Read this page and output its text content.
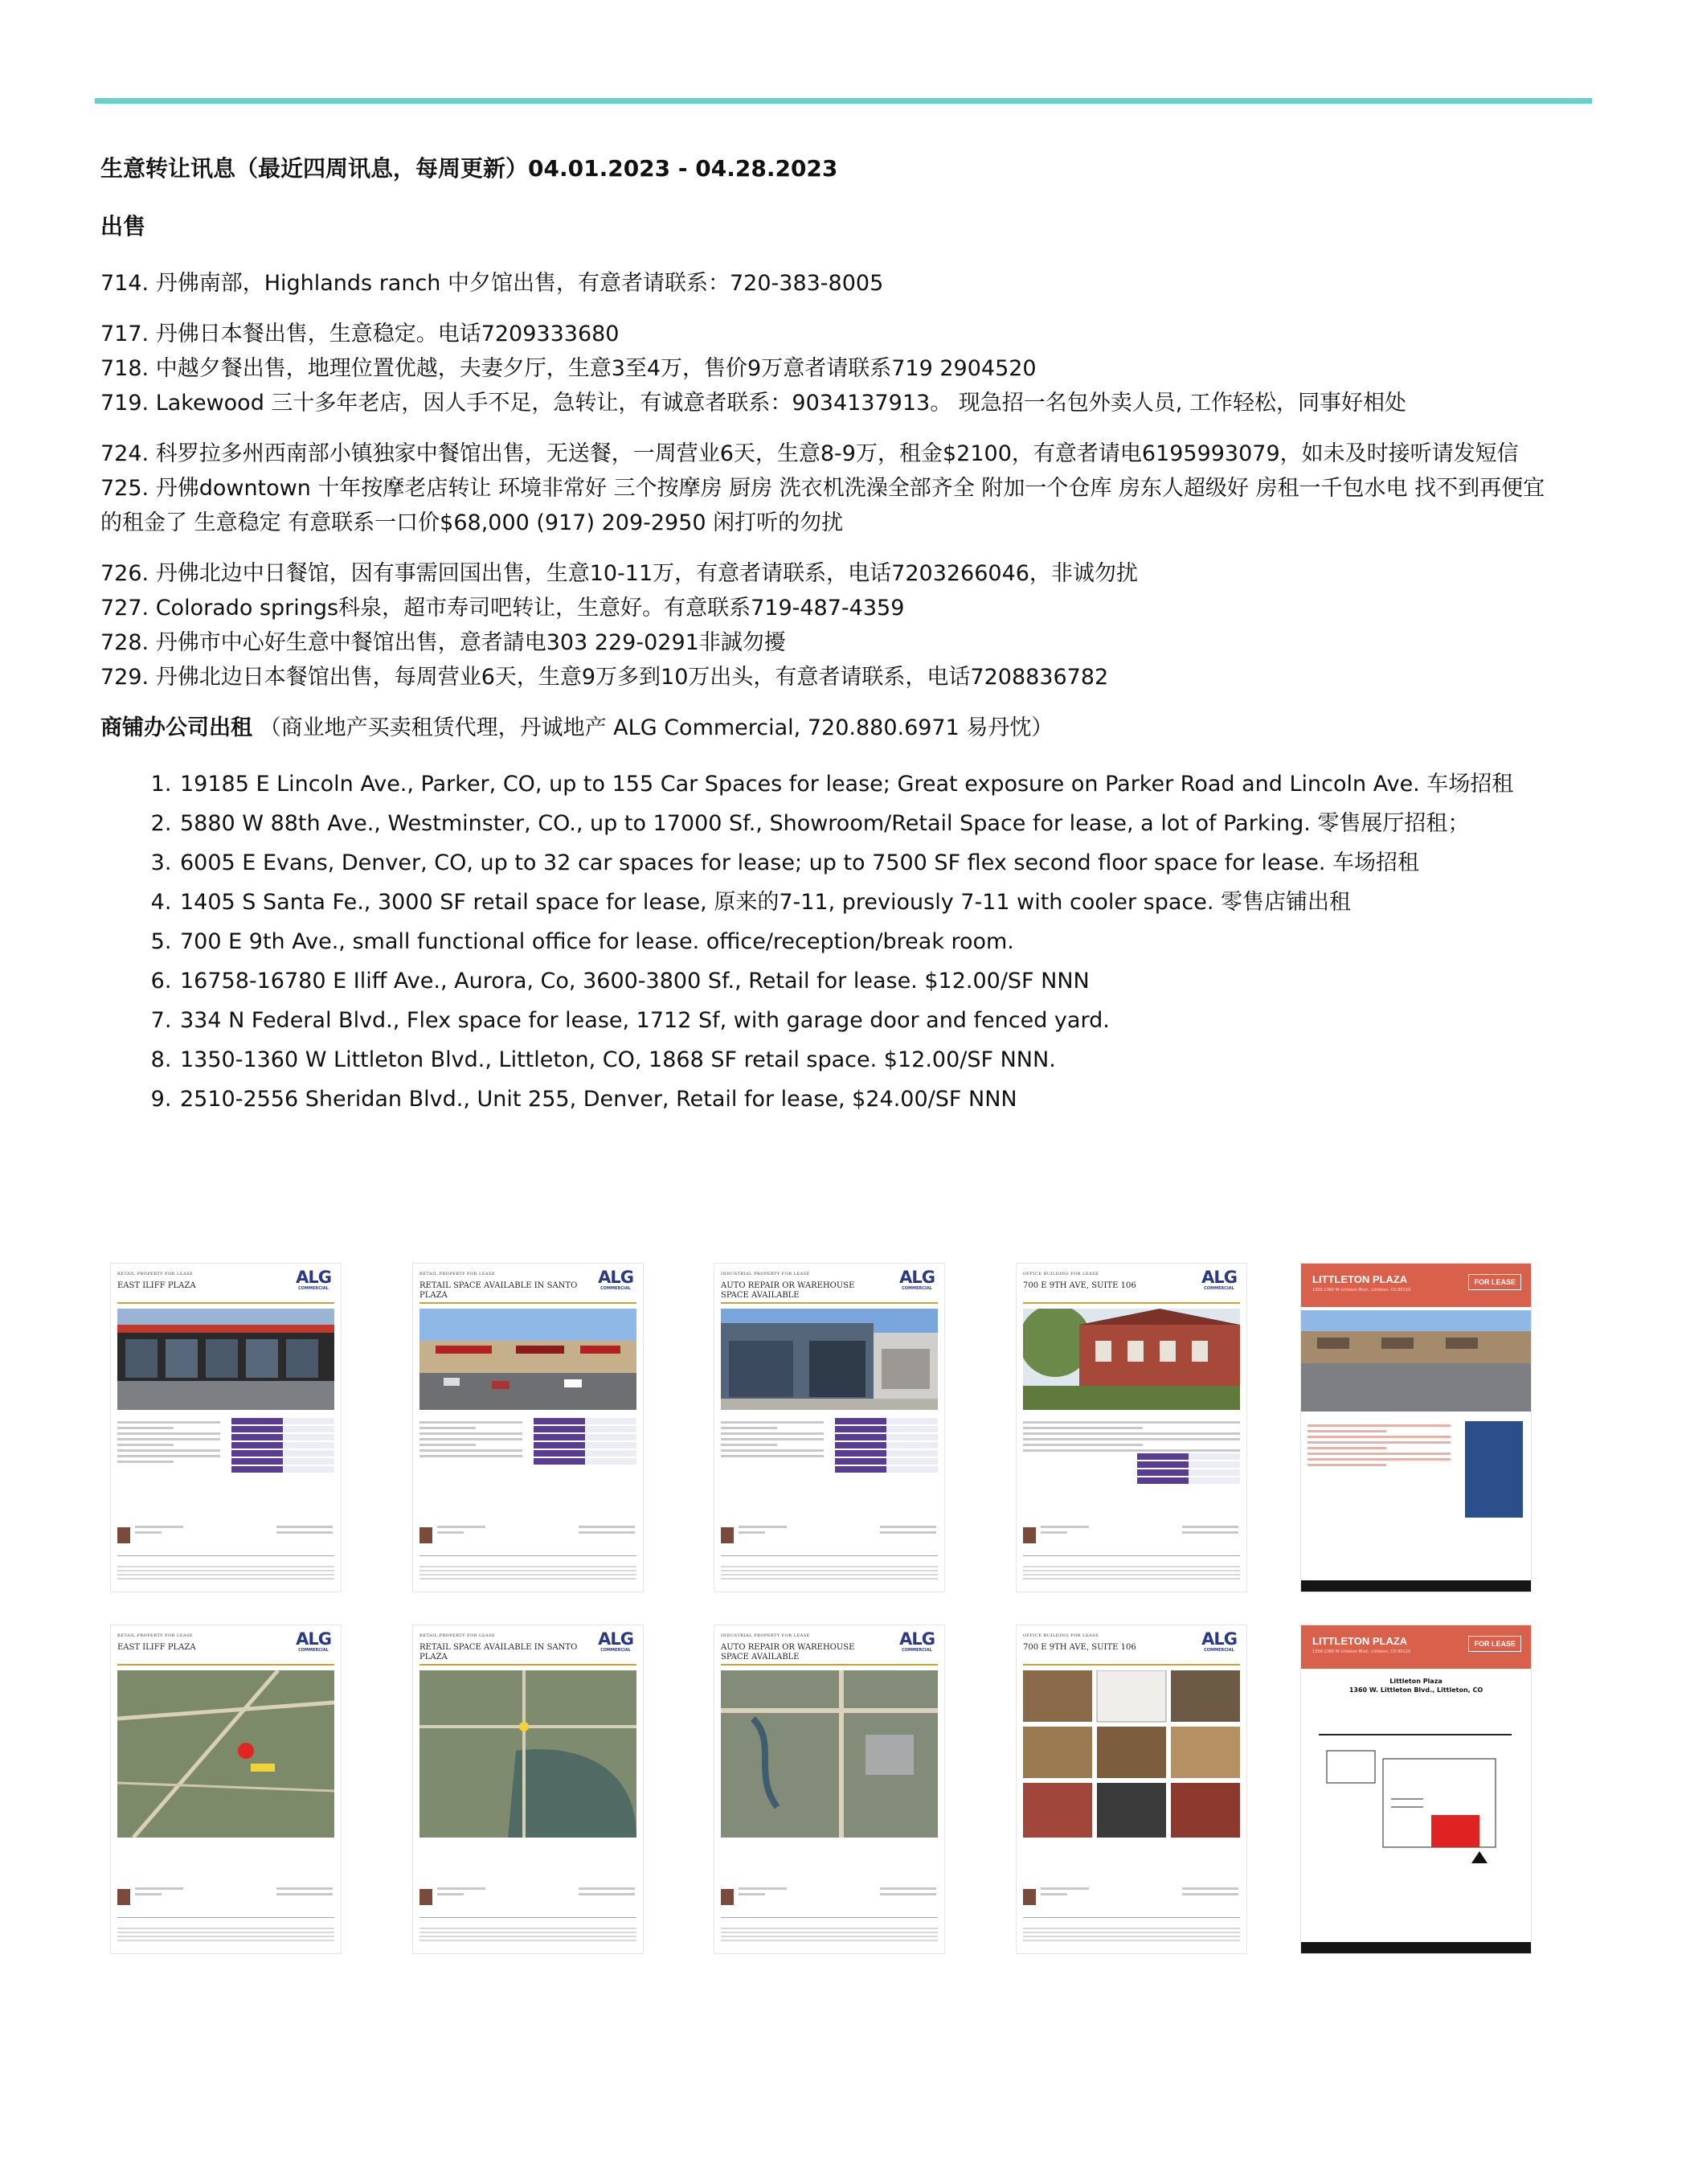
生意转让讯息（最近四周讯息，每周更新）04.01.2023 - 04.28.2023
出售

714. 丹佛南部，Highlands ranch 中夕馆出售，有意者请联系：720-383-8005

717. 丹佛日本餐出售，生意稳定。电话7209333680

718. 中越夕餐出售，地理位置优越，夫妻夕厅，生意3至4万，售价9万意者请联系719 2904520

719. Lakewood 三十多年老店，因人手不足，急转让，有诚意者联系：9034137913。 现急招一名包外卖人员, 工作轻松，同事好相处

724. 科罗拉多州西南部小镇独家中餐馆出售，无送餐，一周营业6天，生意8-9万，租金$2100，有意者请电6195993079，如未及时接听请发短信

725. 丹佛downtown 十年按摩老店转让 环境非常好 三个按摩房 厨房 洗衣机洗澡全部齐全 附加一个仓库 房东人超级好 房租一千包水电 找不到再便宜的租金了 生意稳定 有意联系一口价$68,000 (917) 209-2950 闲打听的勿扰

726. 丹佛北边中日餐馆，因有事需回国出售，生意10-11万，有意者请联系，电话7203266046，非诚勿扰

727. Colorado springs科泉，超市寿司吧转让，生意好。有意联系719-487-4359

728. 丹佛市中心好生意中餐馆出售，意者請电303 229-0291非誠勿擾

729. 丹佛北边日本餐馆出售，每周营业6天，生意9万多到10万出头，有意者请联系，电话7208836782

商铺办公司出租 （商业地产买卖租赁代理，丹诚地产 ALG Commercial, 720.880.6971 易丹忱）
1. 19185 E Lincoln Ave., Parker, CO, up to 155 Car Spaces for lease; Great exposure on Parker Road and Lincoln Ave. 车场招租
2. 5880 W 88th Ave., Westminster, CO., up to 17000 Sf., Showroom/Retail Space for lease, a lot of Parking. 零售展厅招租；
3. 6005 E Evans, Denver, CO, up to 32 car spaces for lease; up to 7500 SF flex second floor space for lease. 车场招租
4. 1405 S Santa Fe., 3000 SF retail space for lease, 原来的7-11, previously 7-11 with cooler space. 零售店铺出租
5. 700 E 9th Ave., small functional office for lease. office/reception/break room.
6. 16758-16780 E Iliff Ave., Aurora, Co, 3600-3800 Sf., Retail for lease. $12.00/SF NNN
7. 334 N Federal Blvd., Flex space for lease, 1712 Sf, with garage door and fenced yard.
8. 1350-1360 W Littleton Blvd., Littleton, CO, 1868 SF retail space. $12.00/SF NNN.
9. 2510-2556 Sheridan Blvd., Unit 255, Denver, Retail for lease, $24.00/SF NNN
RETAIL PROPERTY FOR LEASE
EAST ILIFF PLAZA	ALG
COMMERCIAL
RETAIL PROPERTY FOR LEASE
RETAIL SPACE AVAILABLE IN SANTO PLAZA
ALG
COMMERCIAL
INDUSTRIAL PROPERTY FOR LEASE
AUTO REPAIR OR WAREHOUSE SPACE AVAILABLE
ALG
COMMERCIAL
OFFICE BUILDING FOR LEASE
700 E 9TH AVE, SUITE 106	ALG
COMMERCIAL
LITTLETON PLAZA
1350-1360 W Littleton Blvd., Littleton, CO 80120
FOR LEASE
RETAIL PROPERTY FOR LEASE
EAST ILIFF PLAZA	ALG
COMMERCIAL
RETAIL PROPERTY FOR LEASE
RETAIL SPACE AVAILABLE IN SANTO PLAZA
ALG
COMMERCIAL
INDUSTRIAL PROPERTY FOR LEASE
AUTO REPAIR OR WAREHOUSE SPACE AVAILABLE
ALG
COMMERCIAL
OFFICE BUILDING FOR LEASE
700 E 9TH AVE, SUITE 106	ALG
COMMERCIAL
LITTLETON PLAZA
1350-1360 W Littleton Blvd., Littleton, CO 80120
FOR LEASE
Littleton Plaza
1360 W. Littleton Blvd., Littleton, CO
